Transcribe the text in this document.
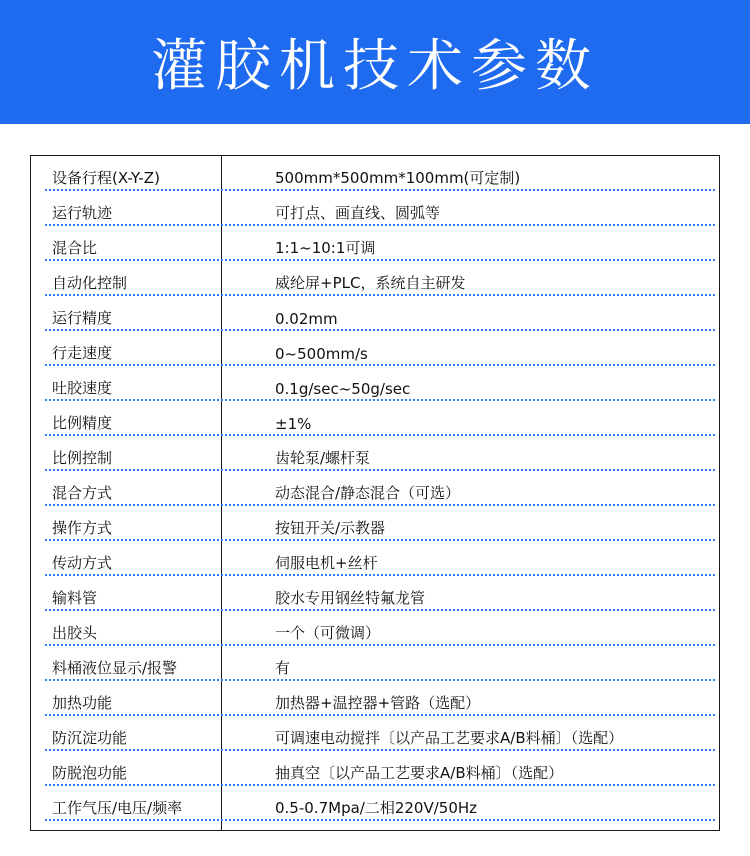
灌胶机技术参数
设备行程(X-Y-Z)	500mm*500mm*100mm(可定制)
运行轨迹	可打点、画直线、圆弧等
混合比	1:1~10:1可调
自动化控制	威纶屏+PLC，系统自主研发
运行精度	0.02mm
行走速度	0~500mm/s
吐胶速度	0.1g/sec~50g/sec
比例精度	±1%
比例控制	齿轮泵/螺杆泵
混合方式	动态混合/静态混合（可选）
操作方式	按钮开关/示教器
传动方式	伺服电机+丝杆
输料管	胶水专用钢丝特氟龙管
出胶头	一个（可微调）
料桶液位显示/报警	有
加热功能	加热器+温控器+管路（选配）
防沉淀功能	可调速电动搅拌〔以产品工艺要求A/B料桶〕（选配）
防脱泡功能	抽真空〔以产品工艺要求A/B料桶〕（选配）
工作气压/电压/频率	0.5-0.7Mpa/二相220V/50Hz
